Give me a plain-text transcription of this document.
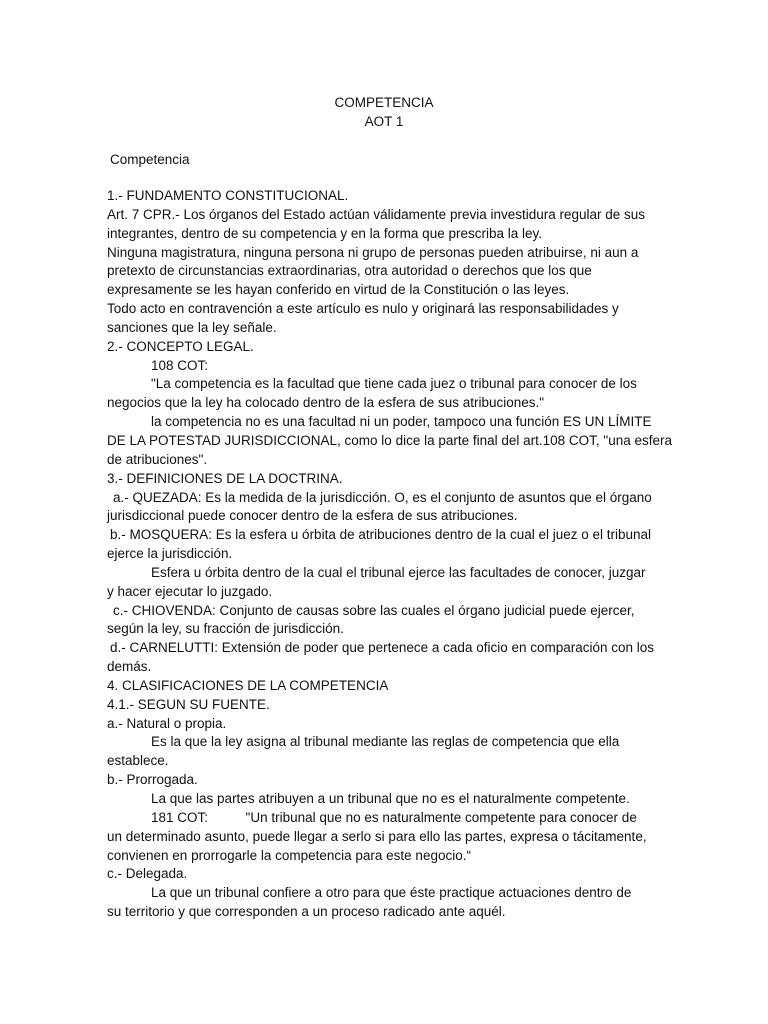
COMPETENCIA
AOT 1
Competencia
1.- FUNDAMENTO CONSTITUCIONAL.
Art. 7 CPR.- Los órganos del Estado actúan válidamente previa investidura regular de sus
integrantes, dentro de su competencia y en la forma que prescriba la ley.
Ninguna magistratura, ninguna persona ni grupo de personas pueden atribuirse, ni aun a
pretexto de circunstancias extraordinarias, otra autoridad o derechos que los que
expresamente se les hayan conferido en virtud de la Constitución o las leyes.
Todo acto en contravención a este artículo es nulo y originará las responsabilidades y
sanciones que la ley señale.
2.- CONCEPTO LEGAL.
108 COT:
"La competencia es la facultad que tiene cada juez o tribunal para conocer de los
negocios que la ley ha colocado dentro de la esfera de sus atribuciones."
la competencia no es una facultad ni un poder, tampoco una función ES UN LÍMITE
DE LA POTESTAD JURISDICCIONAL, como lo dice la parte final del art.108 COT, "una esfera
de atribuciones".
3.- DEFINICIONES DE LA DOCTRINA.
a.- QUEZADA: Es la medida de la jurisdicción. O, es el conjunto de asuntos que el órgano
jurisdiccional puede conocer dentro de la esfera de sus atribuciones.
b.- MOSQUERA: Es la esfera u órbita de atribuciones dentro de la cual el juez o el tribunal
ejerce la jurisdicción.
Esfera u órbita dentro de la cual el tribunal ejerce las facultades de conocer, juzgar
y hacer ejecutar lo juzgado.
c.- CHIOVENDA: Conjunto de causas sobre las cuales el órgano judicial puede ejercer,
según la ley, su fracción de jurisdicción.
d.- CARNELUTTI: Extensión de poder que pertenece a cada oficio en comparación con los
demás.
4. CLASIFICACIONES DE LA COMPETENCIA
4.1.- SEGUN SU FUENTE.
a.- Natural o propia.
Es la que la ley asigna al tribunal mediante las reglas de competencia que ella
establece.
b.- Prorrogada.
La que las partes atribuyen a un tribunal que no es el naturalmente competente.
181 COT:          "Un tribunal que no es naturalmente competente para conocer de
un determinado asunto, puede llegar a serlo si para ello las partes, expresa o tácitamente,
convienen en prorrogarle la competencia para este negocio.“
c.- Delegada.
La que un tribunal confiere a otro para que éste practique actuaciones dentro de
su territorio y que corresponden a un proceso radicado ante aquél.
